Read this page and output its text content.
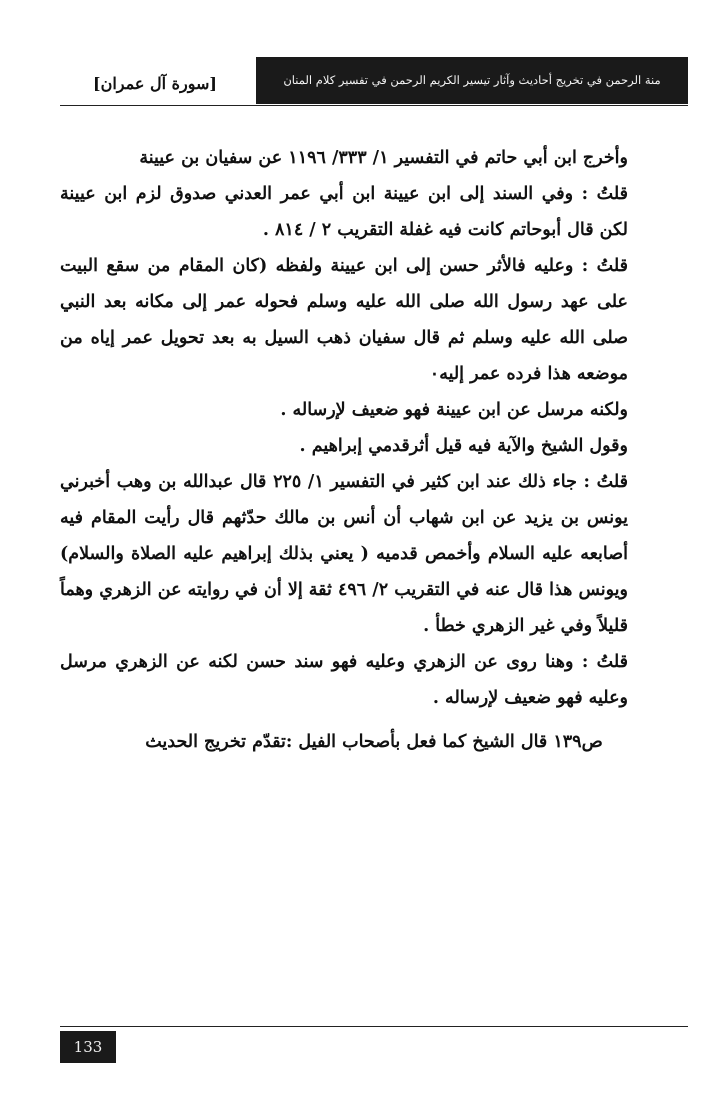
منة الرحمن في تخريج أحاديث وآثار تيسير الكريم الرحمن في تفسير كلام المنان
[سورة آل عمران]

وأخرج ابن أبي حاتم في التفسير ١/ ٣٣٣/ ١١٩٦ عن سفيان بن عيينة

قلتُ : وفي السند إلى ابن عيينة ابن أبي عمر العدني صدوق لزم ابن عيينة لكن قال أبوحاتم كانت فيه غفلة التقريب ٢ / ٨١٤ .

قلتُ : وعليه فالأثر حسن إلى ابن عيينة ولفظه (كان المقام من سقع البيت على عهد رسول الله صلى الله عليه وسلم فحوله عمر إلى مكانه بعد النبي صلى الله عليه وسلم ثم قال سفيان ذهب السيل به بعد تحويل عمر إياه من موضعه هذا فرده عمر إليه٠

ولكنه مرسل عن ابن عيينة فهو ضعيف لإرساله .

وقول الشيخ والآية فيه قيل أثرقدمي إبراهيم .

قلتُ : جاء ذلك عند ابن كثير في التفسير ١/ ٢٢٥ قال عبدالله بن وهب أخبرني يونس بن يزيد عن ابن شهاب أن أنس بن مالك حدّثهم قال رأيت المقام فيه أصابعه عليه السلام وأخمص قدميه ( يعني بذلك إبراهيم عليه الصلاة والسلام) ويونس هذا قال عنه في التقريب ٢/ ٤٩٦ ثقة إلا أن في روايته عن الزهري وهماً قليلاً وفي غير الزهري خطأ .

قلتُ : وهنا روى عن الزهري وعليه فهو سند حسن لكنه عن الزهري مرسل وعليه فهو ضعيف لإرساله .

ص١٣٩ قال الشيخ كما فعل بأصحاب الفيل :تقدّم تخريج الحديث

133
